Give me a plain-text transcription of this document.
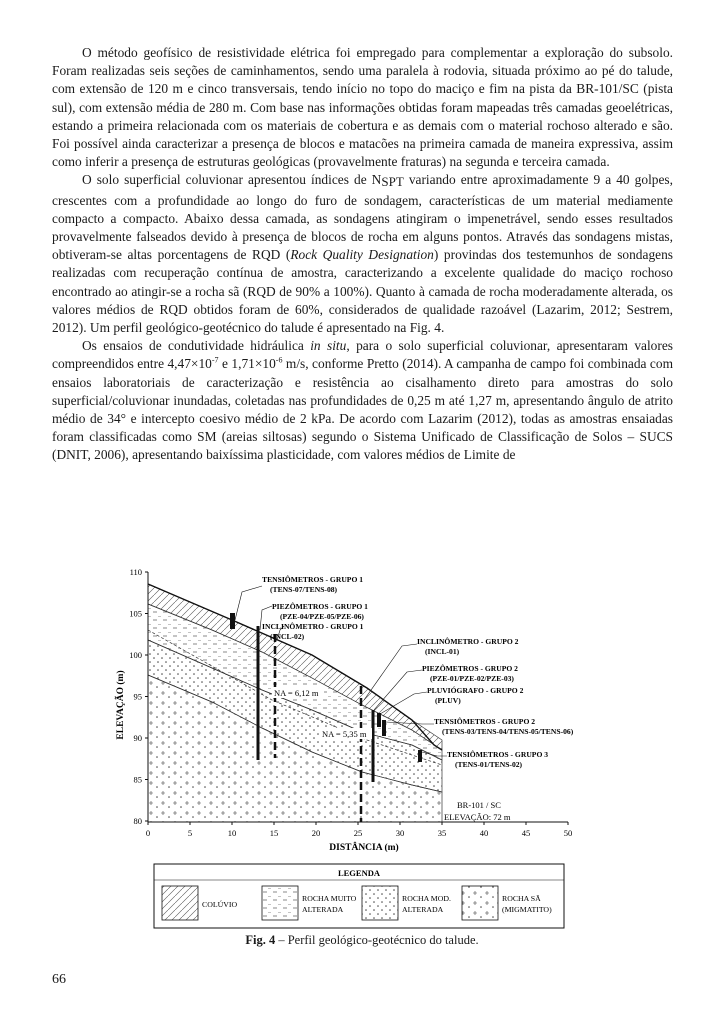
O método geofísico de resistividade elétrica foi empregado para complementar a exploração do subsolo. Foram realizadas seis seções de caminhamentos, sendo uma paralela à rodovia, situada próximo ao pé do talude, com extensão de 120 m e cinco transversais, tendo início no topo do maciço e fim na pista da BR-101/SC (pista sul), com extensão média de 280 m. Com base nas informações obtidas foram mapeadas três camadas geoelétricas, estando a primeira relacionada com os materiais de cobertura e as demais com o material rochoso alterado e são. Foi possível ainda caracterizar a presença de blocos e matacões na primeira camada de maneira expressiva, assim como inferir a presença de estruturas geológicas (provavelmente fraturas) na segunda e terceira camada.

O solo superficial coluvionar apresentou índices de NSPT variando entre aproximadamente 9 a 40 golpes, crescentes com a profundidade ao longo do furo de sondagem, características de um material mediamente compacto a compacto. Abaixo dessa camada, as sondagens atingiram o impenetrável, sendo esses resultados provavelmente falseados devido à presença de blocos de rocha em alguns pontos. Através das sondagens mistas, obtiveram-se altas porcentagens de RQD (Rock Quality Designation) provindas dos testemunhos de sondagens realizadas com recuperação contínua de amostra, caracterizando a excelente qualidade do maciço rochoso encontrado ao atingir-se a rocha sã (RQD de 90% a 100%). Quanto à camada de rocha moderadamente alterada, os valores médios de RQD obtidos foram de 60%, considerados de qualidade razoável (Lazarim, 2012; Sestrem, 2012). Um perfil geológico-geotécnico do talude é apresentado na Fig. 4.

Os ensaios de condutividade hidráulica in situ, para o solo superficial coluvionar, apresentaram valores compreendidos entre $4,47\times 10^{-7}$ e $1,71\times 10^{-6}$ m/s, conforme Pretto (2014). A campanha de campo foi combinada com ensaios laboratoriais de caracterização e resistência ao cisalhamento direto para amostras do solo superficial/coluvionar inundadas, coletadas nas profundidades de 0,25 m até 1,27 m, apresentando ângulo de atrito médio de 34° e intercepto coesivo médio de 2 kPa. De acordo com Lazarim (2012), todas as amostras ensaiadas foram classificadas como SM (areias siltosas) segundo o Sistema Unificado de Classificação de Solos – SUCS (DNIT, 2006), apresentando baixíssima plasticidade, com valores médios de Limite de

110
105
100
95
90
85
80
0	5	10	15	20	25	30	35	40	45	50
ELEVAÇÃO (m)
DISTÂNCIA (m)
TENSIÔMETROS - GRUPO 1
(TENS-07/TENS-08)
PIEZÔMETROS - GRUPO 1
(PZE-04/PZE-05/PZE-06)
INCLINÔMETRO - GRUPO 1
(INCL-02)
INCLINÔMETRO - GRUPO 2
(INCL-01)
PIEZÔMETROS - GRUPO 2
(PZE-01/PZE-02/PZE-03)
PLUVIÓGRAFO - GRUPO 2
(PLUV)
TENSIÔMETROS - GRUPO 2
(TENS-03/TENS-04/TENS-05/TENS-06)
TENSIÔMETROS - GRUPO 3
(TENS-01/TENS-02)
NA = 6,12 m
NA = 5,35 m
BR-101 / SC
ELEVAÇÃO: 72 m
LEGENDA
COLÚVIO
ROCHA MUITO
ALTERADA
ROCHA MOD.
ALTERADA
ROCHA SÃ
(MIGMATITO)
Fig. 4 – Perfil geológico-geotécnico do talude.
66
